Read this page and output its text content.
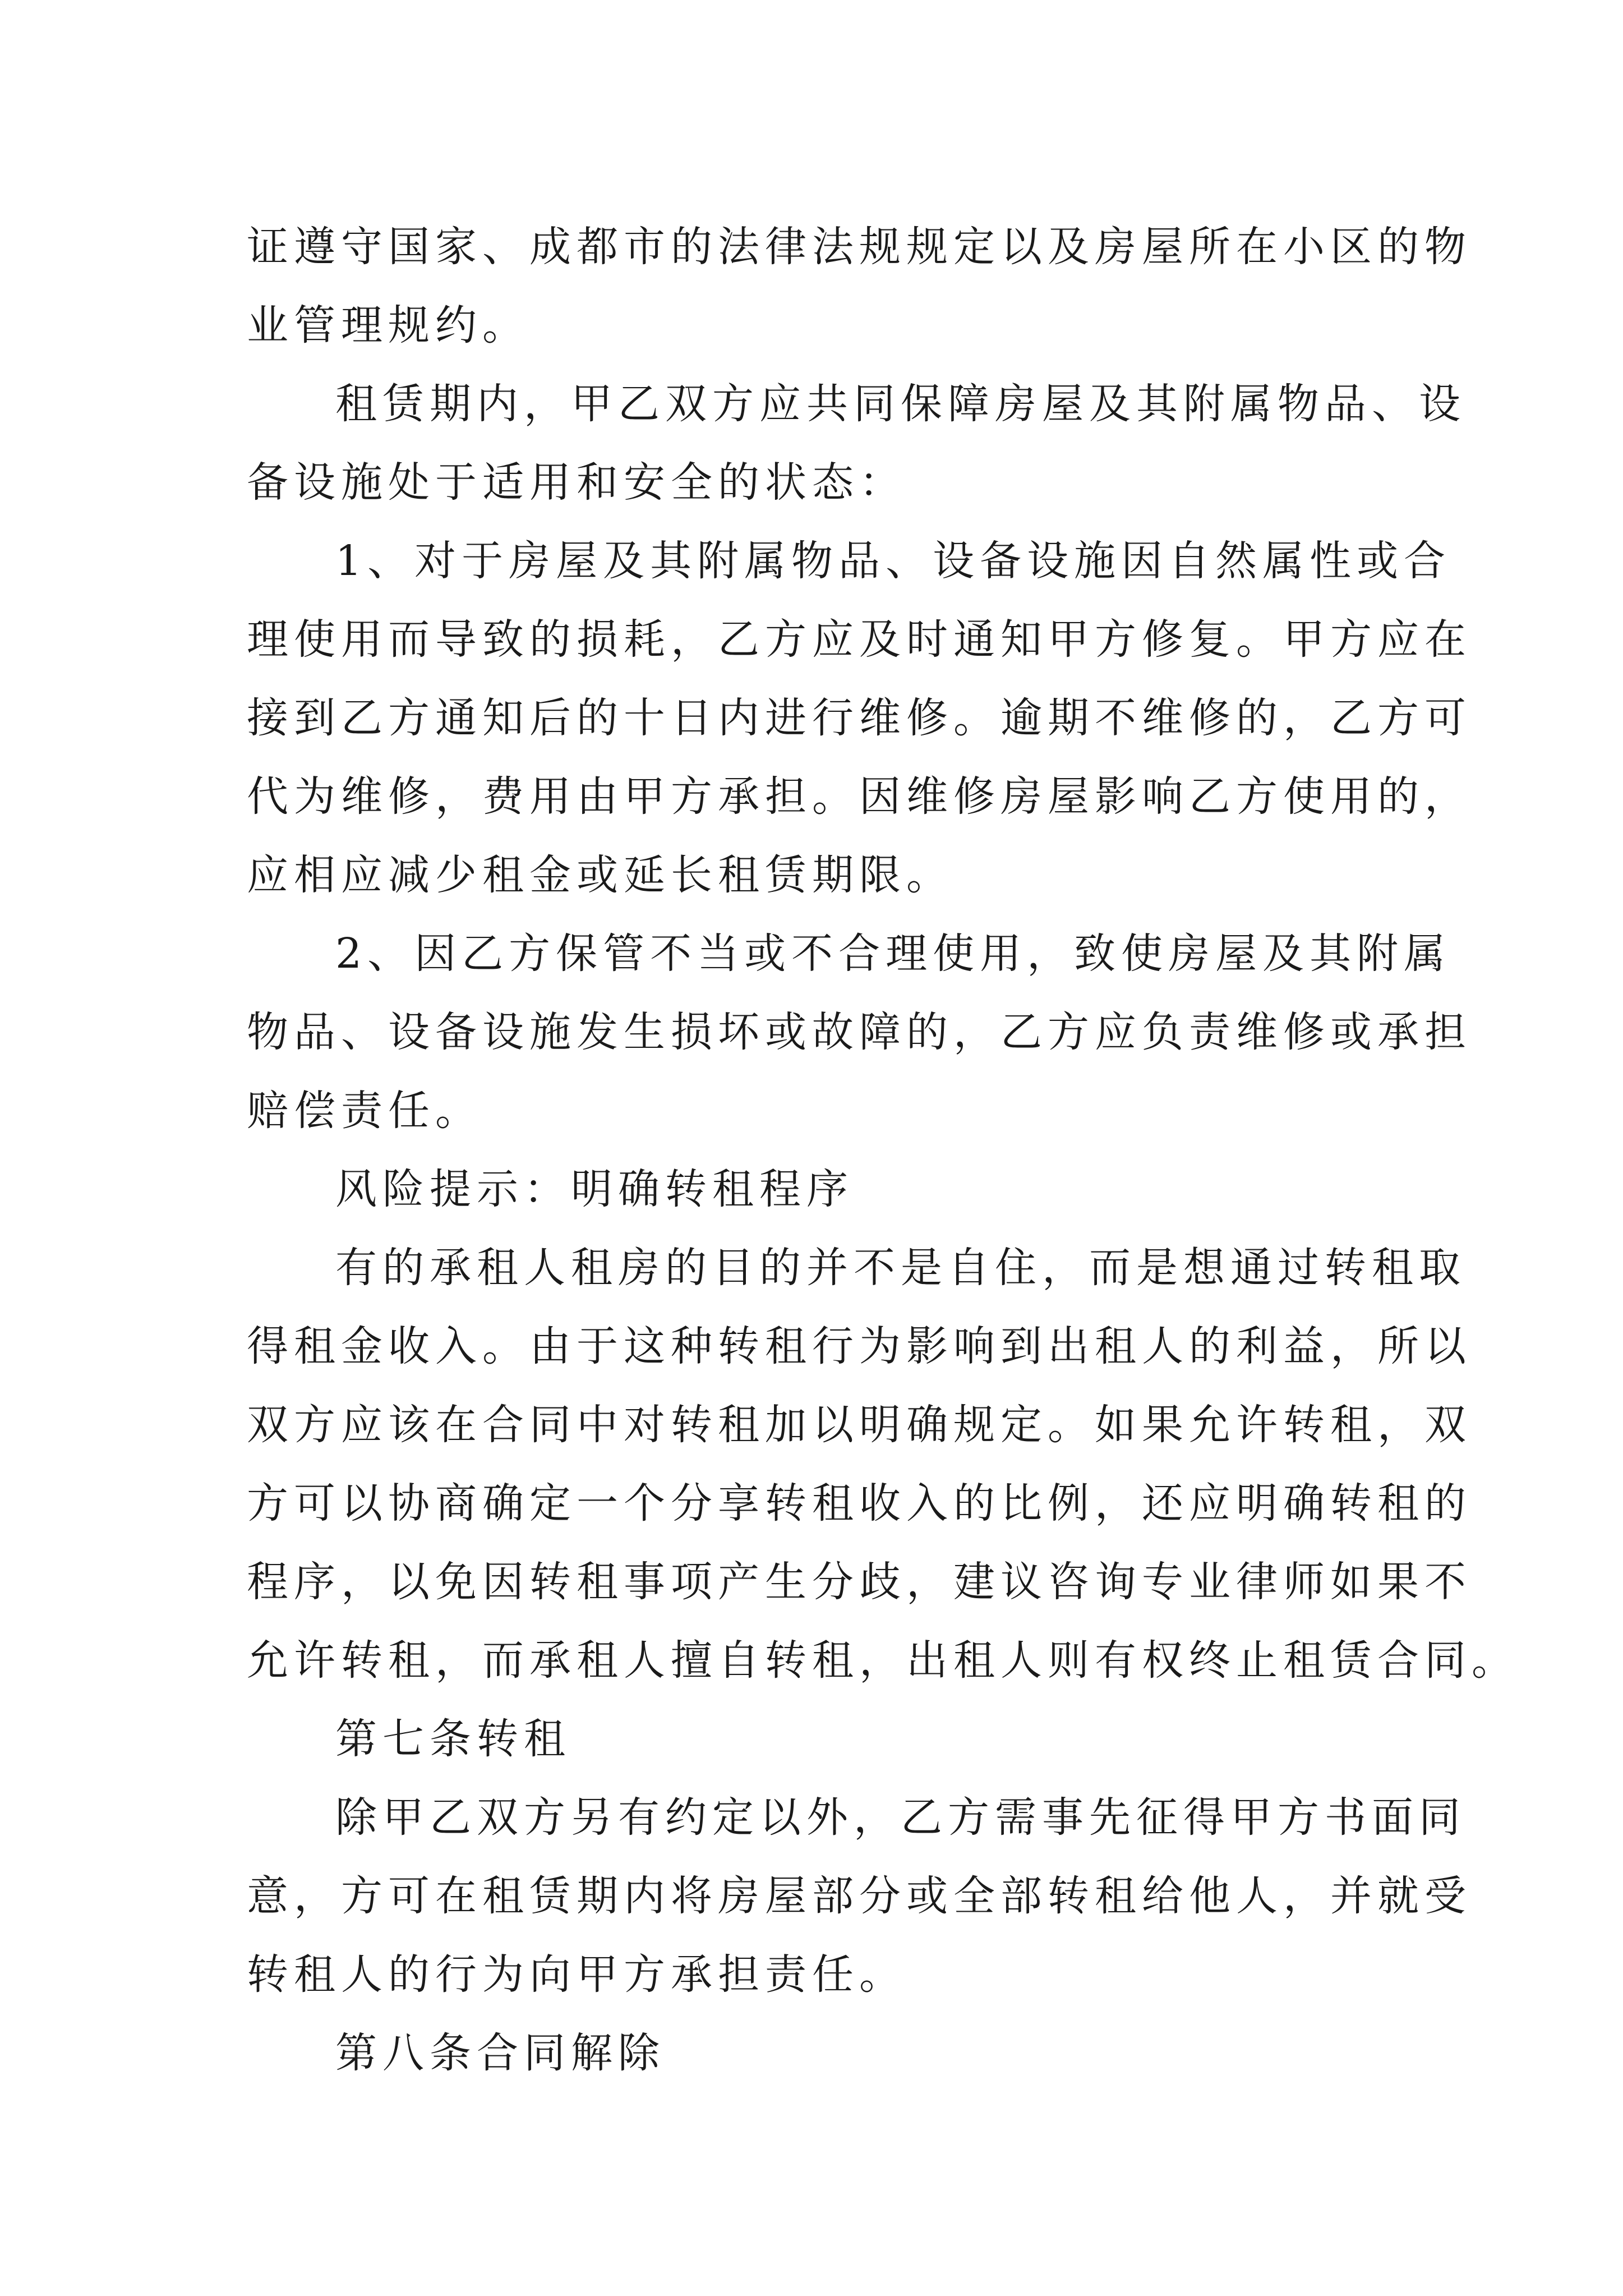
证遵守国家、成都市的法律法规规定以及房屋所在小区的物
业管理规约。
租赁期内，甲乙双方应共同保障房屋及其附属物品、设
备设施处于适用和安全的状态：
1、对于房屋及其附属物品、设备设施因自然属性或合
理使用而导致的损耗，乙方应及时通知甲方修复。甲方应在
接到乙方通知后的十日内进行维修。逾期不维修的，乙方可
代为维修，费用由甲方承担。因维修房屋影响乙方使用的，
应相应减少租金或延长租赁期限。
2、因乙方保管不当或不合理使用，致使房屋及其附属
物品、设备设施发生损坏或故障的，乙方应负责维修或承担
赔偿责任。
风险提示：明确转租程序
有的承租人租房的目的并不是自住，而是想通过转租取
得租金收入。由于这种转租行为影响到出租人的利益，所以
双方应该在合同中对转租加以明确规定。如果允许转租，双
方可以协商确定一个分享转租收入的比例，还应明确转租的
程序，以免因转租事项产生分歧，建议咨询专业律师如果不
允许转租，而承租人擅自转租，出租人则有权终止租赁合同。
第七条转租
除甲乙双方另有约定以外，乙方需事先征得甲方书面同
意，方可在租赁期内将房屋部分或全部转租给他人，并就受
转租人的行为向甲方承担责任。
第八条合同解除
